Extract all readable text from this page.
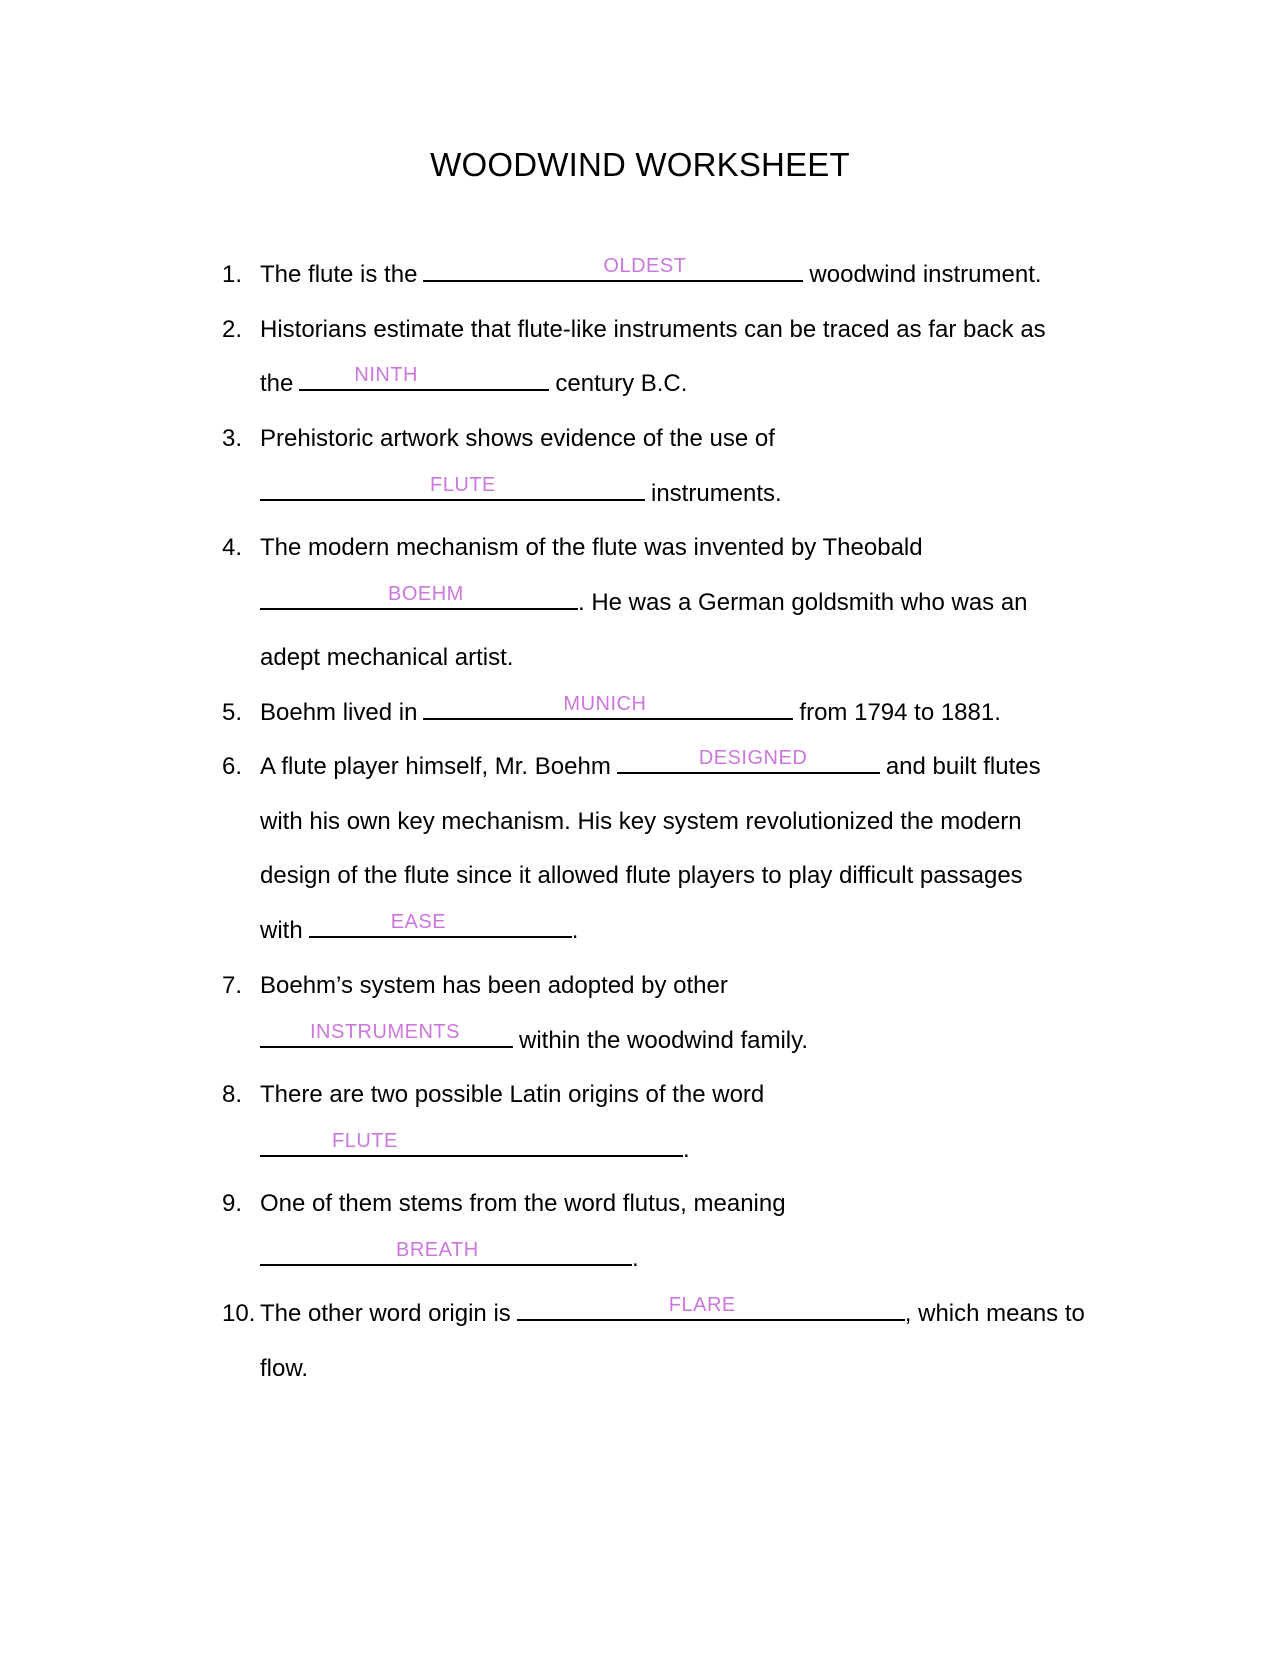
WOODWIND WORKSHEET
1. The flute is the	OLDEST	woodwind instrument.
2. Historians estimate that flute-like instruments can be traced as far back as
the	NINTH	century B.C.
3. Prehistoric artwork shows evidence of the use of
FLUTE	instruments.
4. The modern mechanism of the flute was invented by Theobald
BOEHM	. He was a German goldsmith who was an
adept mechanical artist.
5. Boehm lived in	MUNICH	from 1794 to 1881.
6. A flute player himself, Mr. Boehm	DESIGNED	and built flutes
with his own key mechanism. His key system revolutionized the modern
design of the flute since it allowed flute players to play difficult passages
with	EASE	.
7. Boehm’s system has been adopted by other
INSTRUMENTS within the woodwind family.
8. There are two possible Latin origins of the word
FLUTE	.
9. One of them stems from the word flutus, meaning
BREATH	.
10. The other word origin is	FLARE	, which means to
flow.
